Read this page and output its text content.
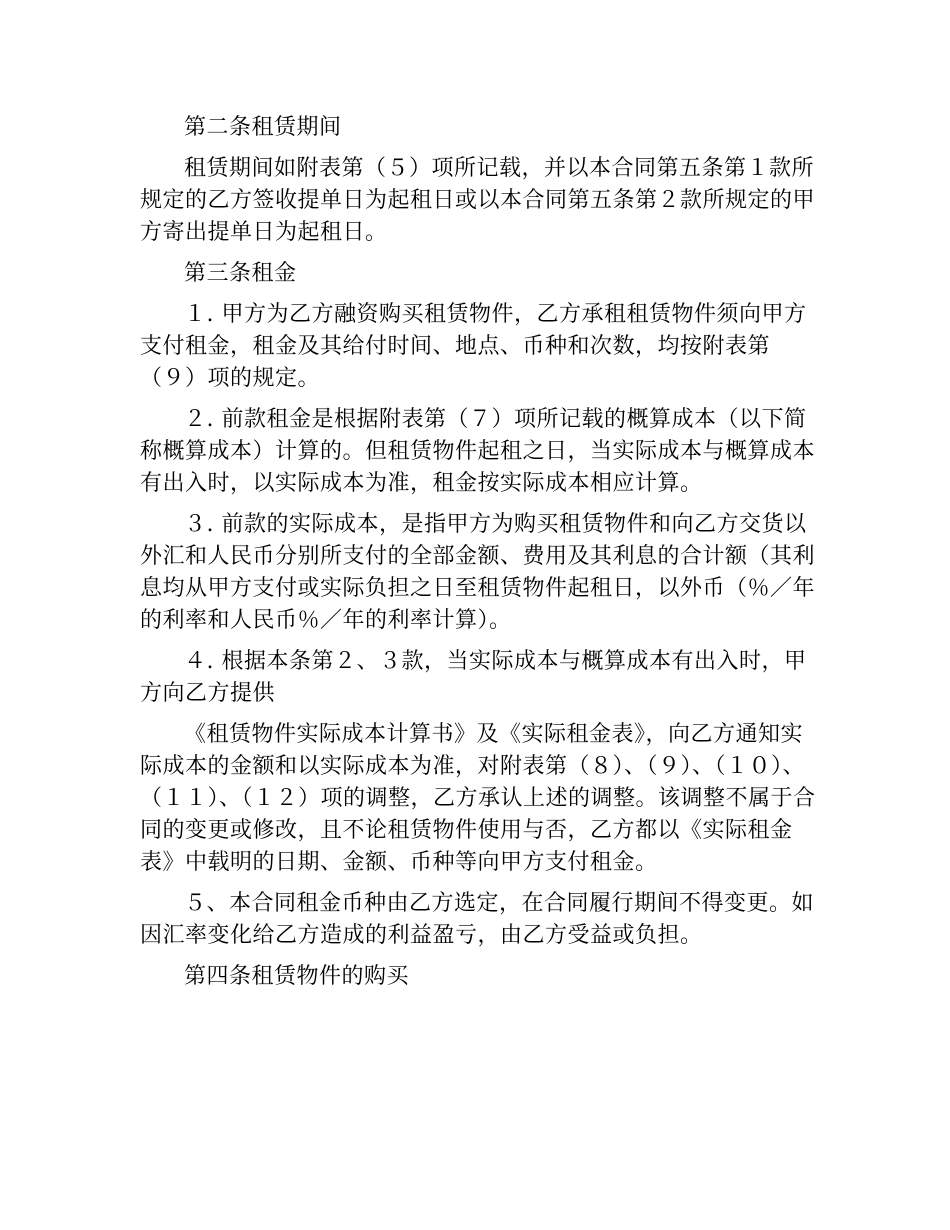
第二条租赁期间

租赁期间如附表第（５）项所记载，并以本合同第五条第１款所规定的乙方签收提单日为起租日或以本合同第五条第２款所规定的甲方寄出提单日为起租日。

第三条租金

１. 甲方为乙方融资购买租赁物件，乙方承租租赁物件须向甲方支付租金，租金及其给付时间、地点、币种和次数，均按附表第（９）项的规定。

２. 前款租金是根据附表第（７）项所记载的概算成本（以下简称概算成本）计算的。但租赁物件起租之日，当实际成本与概算成本有出入时，以实际成本为准，租金按实际成本相应计算。

３. 前款的实际成本，是指甲方为购买租赁物件和向乙方交货以外汇和人民币分别所支付的全部金额、费用及其利息的合计额（其利息均从甲方支付或实际负担之日至租赁物件起租日，以外币（％／年的利率和人民币％／年的利率计算）。

４. 根据本条第２、３款，当实际成本与概算成本有出入时，甲方向乙方提供

《租赁物件实际成本计算书》及《实际租金表》，向乙方通知实际成本的金额和以实际成本为准，对附表第（８）、（９）、（１０）、（１１）、（１２）项的调整，乙方承认上述的调整。该调整不属于合同的变更或修改，且不论租赁物件使用与否，乙方都以《实际租金表》中载明的日期、金额、币种等向甲方支付租金。

５、本合同租金币种由乙方选定，在合同履行期间不得变更。如因汇率变化给乙方造成的利益盈亏，由乙方受益或负担。

第四条租赁物件的购买
